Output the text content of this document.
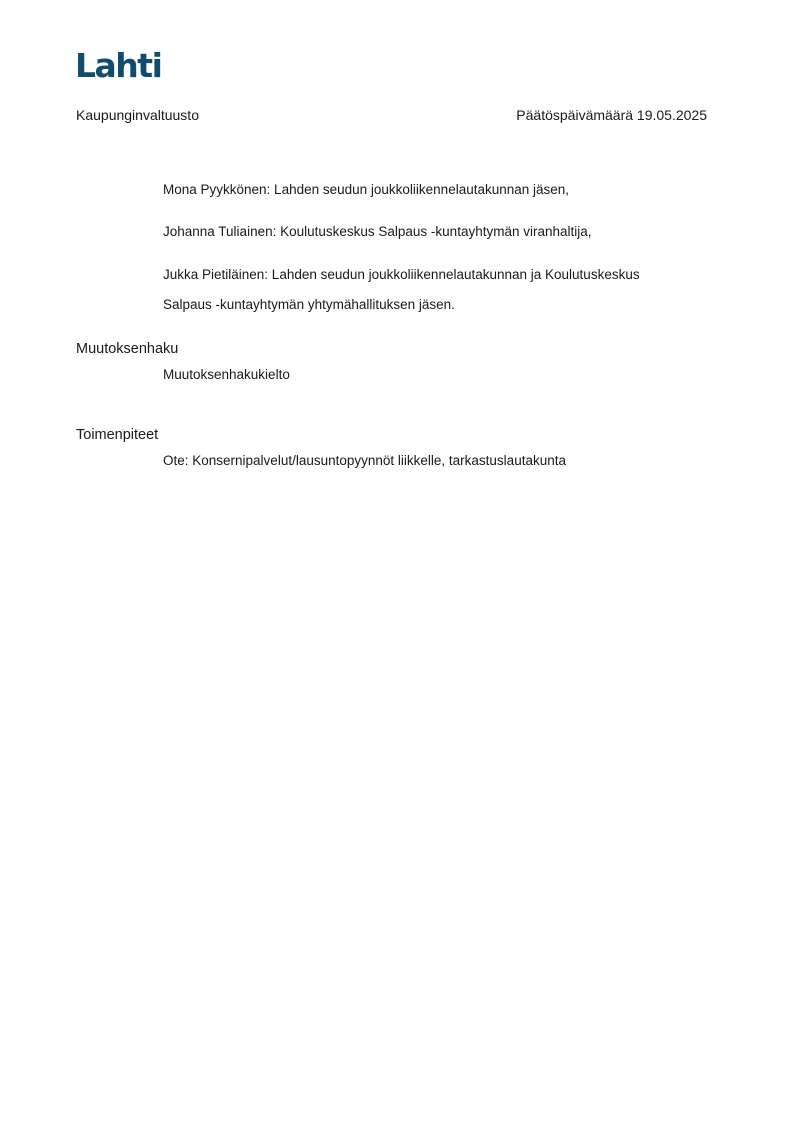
Lahti
Kaupunginvaltuusto	Päätöspäivämäärä 19.05.2025
Mona Pyykkönen: Lahden seudun joukkoliikennelautakunnan jäsen,
Johanna Tuliainen: Koulutuskeskus Salpaus -kuntayhtymän viranhaltija,
Jukka Pietiläinen: Lahden seudun joukkoliikennelautakunnan ja Koulutuskeskus
Salpaus -kuntayhtymän yhtymähallituksen jäsen.
Muutoksenhaku
Muutoksenhakukielto
Toimenpiteet
Ote: Konsernipalvelut/lausuntopyynnöt liikkelle, tarkastuslautakunta
